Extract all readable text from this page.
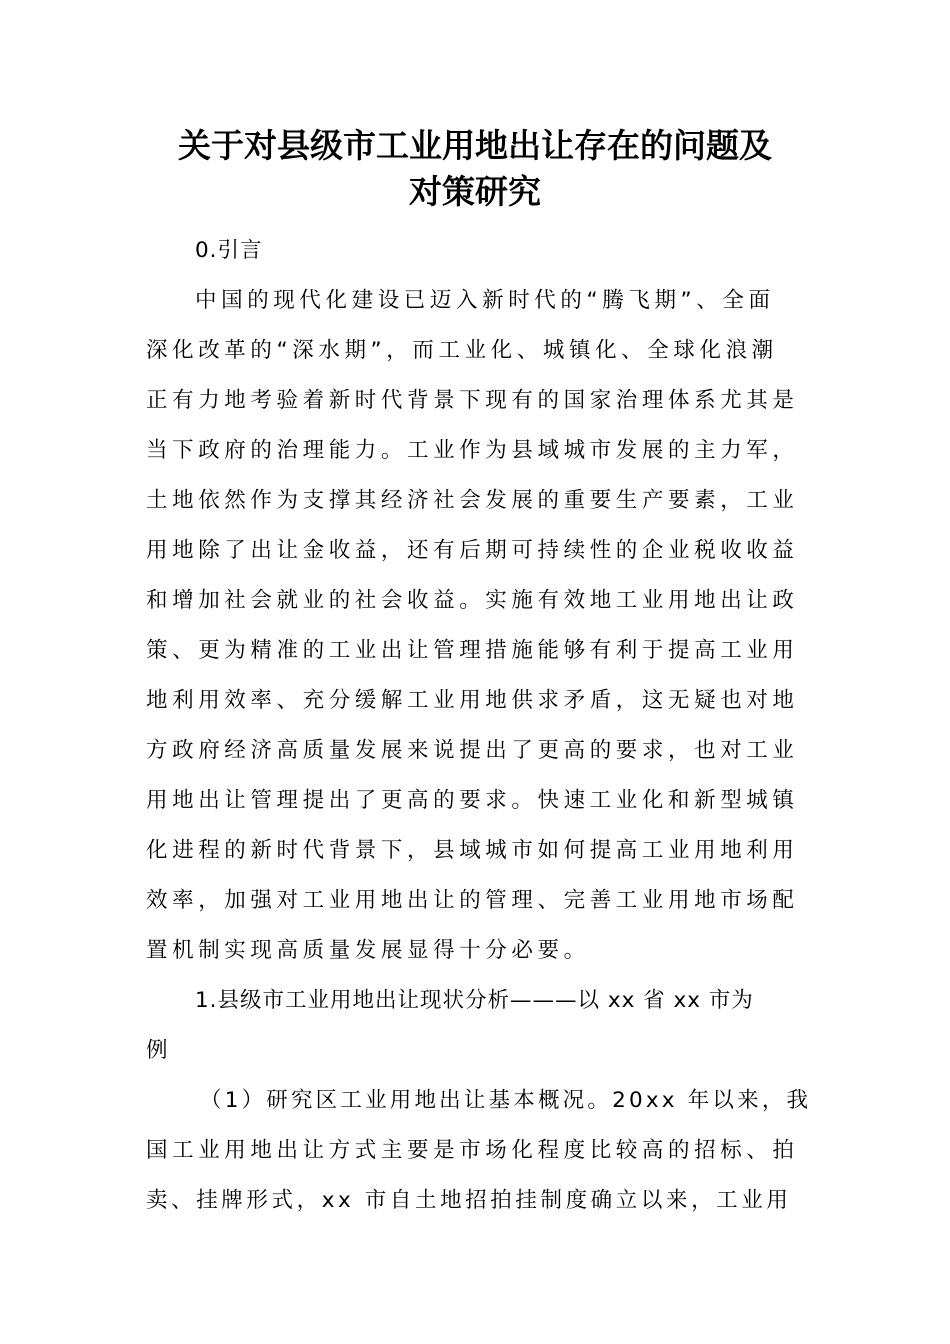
关于对县级市工业用地出让存在的问题及
对策研究

0.引言

中国的现代化建设已迈入新时代的“腾飞期”、全面

深化改革的“深水期”，而工业化、城镇化、全球化浪潮

正有力地考验着新时代背景下现有的国家治理体系尤其是

当下政府的治理能力。工业作为县域城市发展的主力军，

土地依然作为支撑其经济社会发展的重要生产要素，工业

用地除了出让金收益，还有后期可持续性的企业税收收益

和增加社会就业的社会收益。实施有效地工业用地出让政

策、更为精准的工业出让管理措施能够有利于提高工业用

地利用效率、充分缓解工业用地供求矛盾，这无疑也对地

方政府经济高质量发展来说提出了更高的要求，也对工业

用地出让管理提出了更高的要求。快速工业化和新型城镇

化进程的新时代背景下，县域城市如何提高工业用地利用

效率，加强对工业用地出让的管理、完善工业用地市场配

置机制实现高质量发展显得十分必要。

1.县级市工业用地出让现状分析———以 xx 省 xx 市为

例

（1）研究区工业用地出让基本概况。20xx 年以来，我

国工业用地出让方式主要是市场化程度比较高的招标、拍

卖、挂牌形式，xx 市自土地招拍挂制度确立以来，工业用
